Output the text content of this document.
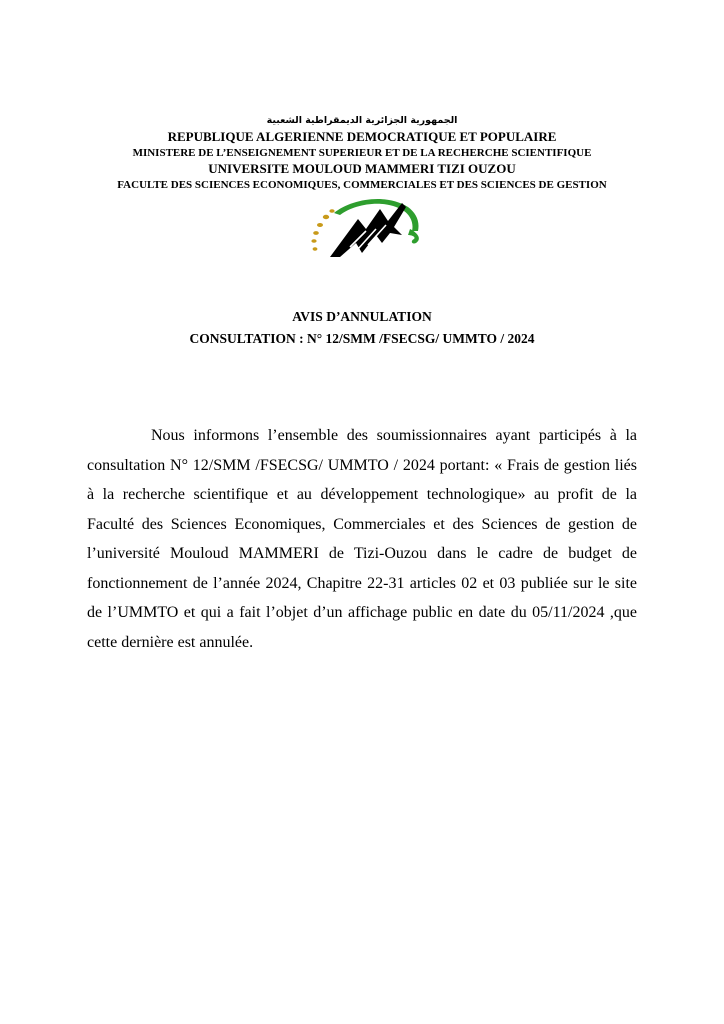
الجمهورية الجزائرية الديمقراطية الشعبية
REPUBLIQUE ALGERIENNE DEMOCRATIQUE ET POPULAIRE
MINISTERE DE L’ENSEIGNEMENT SUPERIEUR ET DE LA RECHERCHE SCIENTIFIQUE
UNIVERSITE MOULOUD MAMMERI TIZI OUZOU
FACULTE DES SCIENCES ECONOMIQUES, COMMERCIALES ET DES SCIENCES DE GESTION
AVIS D’ANNULATION
CONSULTATION : N° 12/SMM /FSECSG/ UMMTO / 2024

Nous informons l’ensemble des soumissionnaires ayant participés à la consultation N° 12/SMM /FSECSG/ UMMTO / 2024 portant: « Frais de gestion liés à la recherche scientifique et au développement technologique» au profit de la Faculté des Sciences Economiques, Commerciales et des Sciences de gestion de l’université Mouloud MAMMERI de Tizi-Ouzou dans le cadre de budget de fonctionnement de l’année 2024, Chapitre 22-31 articles 02 et 03 publiée sur le site de l’UMMTO et qui a fait l’objet d’un affichage public en date du 05/11/2024 ,que cette dernière est annulée.
